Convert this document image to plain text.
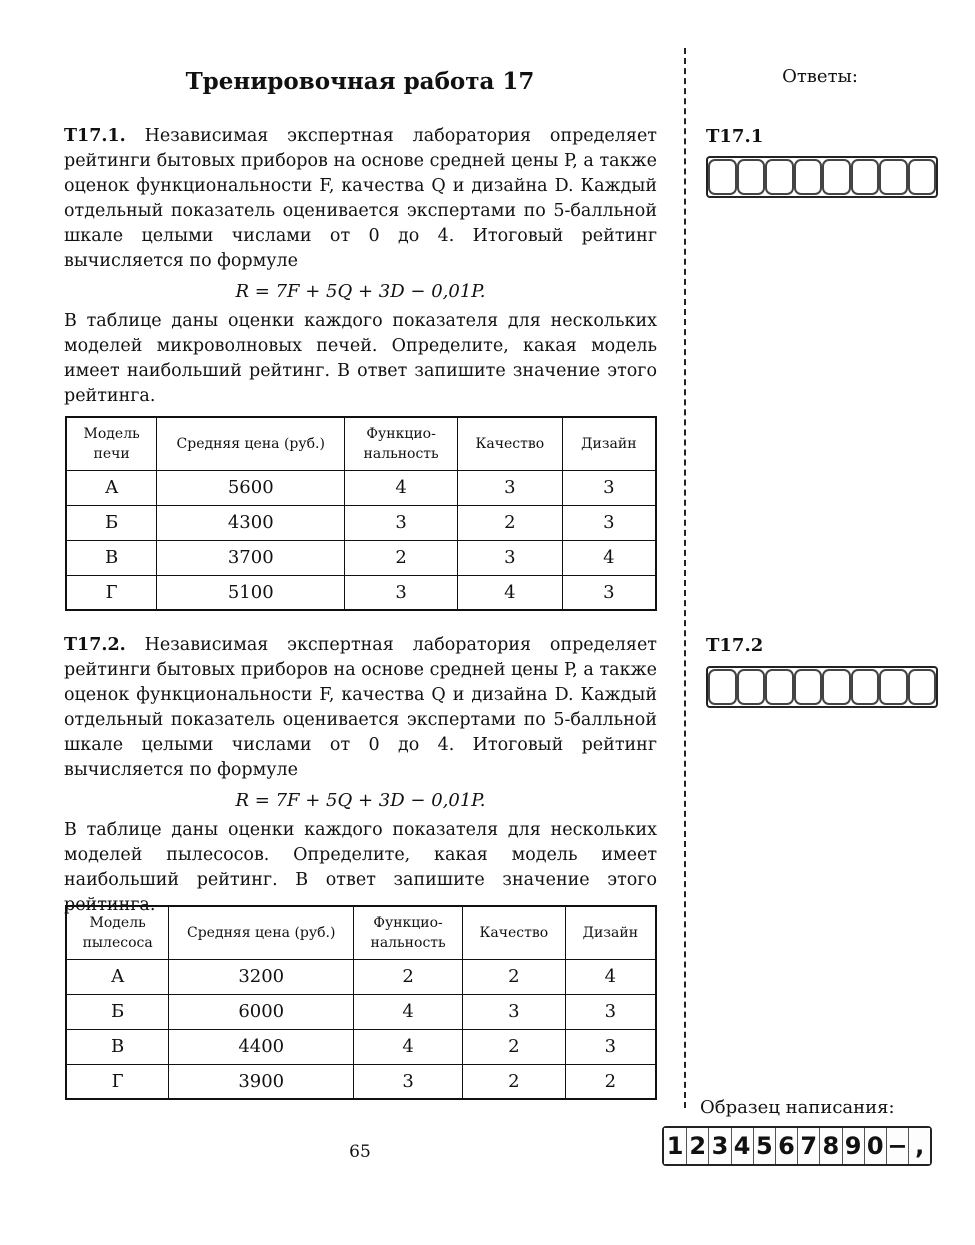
Тренировочная работа 17

T17.1. Независимая экспертная лаборатория определяет рейтинги бытовых приборов на основе средней цены P, а также оценок функциональности F, качества Q и дизайна D. Каждый отдельный показатель оценивается экспертами по 5-балльной шкале целыми числами от 0 до 4. Итоговый рейтинг вычисляется по формуле

R = 7F + 5Q + 3D − 0,01P.

В таблице даны оценки каждого показателя для нескольких моделей микроволновых печей. Определите, какая модель имеет наибольший рейтинг. В ответ запишите значение этого рейтинга.

Модель печи	Средняя цена (руб.)	Функцио-нальность	Качество	Дизайн
А	5600	4	3	3
Б	4300	3	2	3
В	3700	2	3	4
Г	5100	3	4	3

T17.2. Независимая экспертная лаборатория определяет рейтинги бытовых приборов на основе средней цены P, а также оценок функциональности F, качества Q и дизайна D. Каждый отдельный показатель оценивается экспертами по 5-балльной шкале целыми числами от 0 до 4. Итоговый рейтинг вычисляется по формуле

R = 7F + 5Q + 3D − 0,01P.

В таблице даны оценки каждого показателя для нескольких моделей пылесосов. Определите, какая модель имеет наибольший рейтинг. В ответ запишите значение этого рейтинга.

Модель пылесоса	Средняя цена (руб.)	Функцио-нальность	Качество	Дизайн
А	3200	2	2	4
Б	6000	4	3	3
В	4400	4	2	3
Г	3900	3	2	2
65
Ответы:
T17.1
T17.2
Образец написания:
1 2 3 4 5 6 7 8 9 0 − ,
